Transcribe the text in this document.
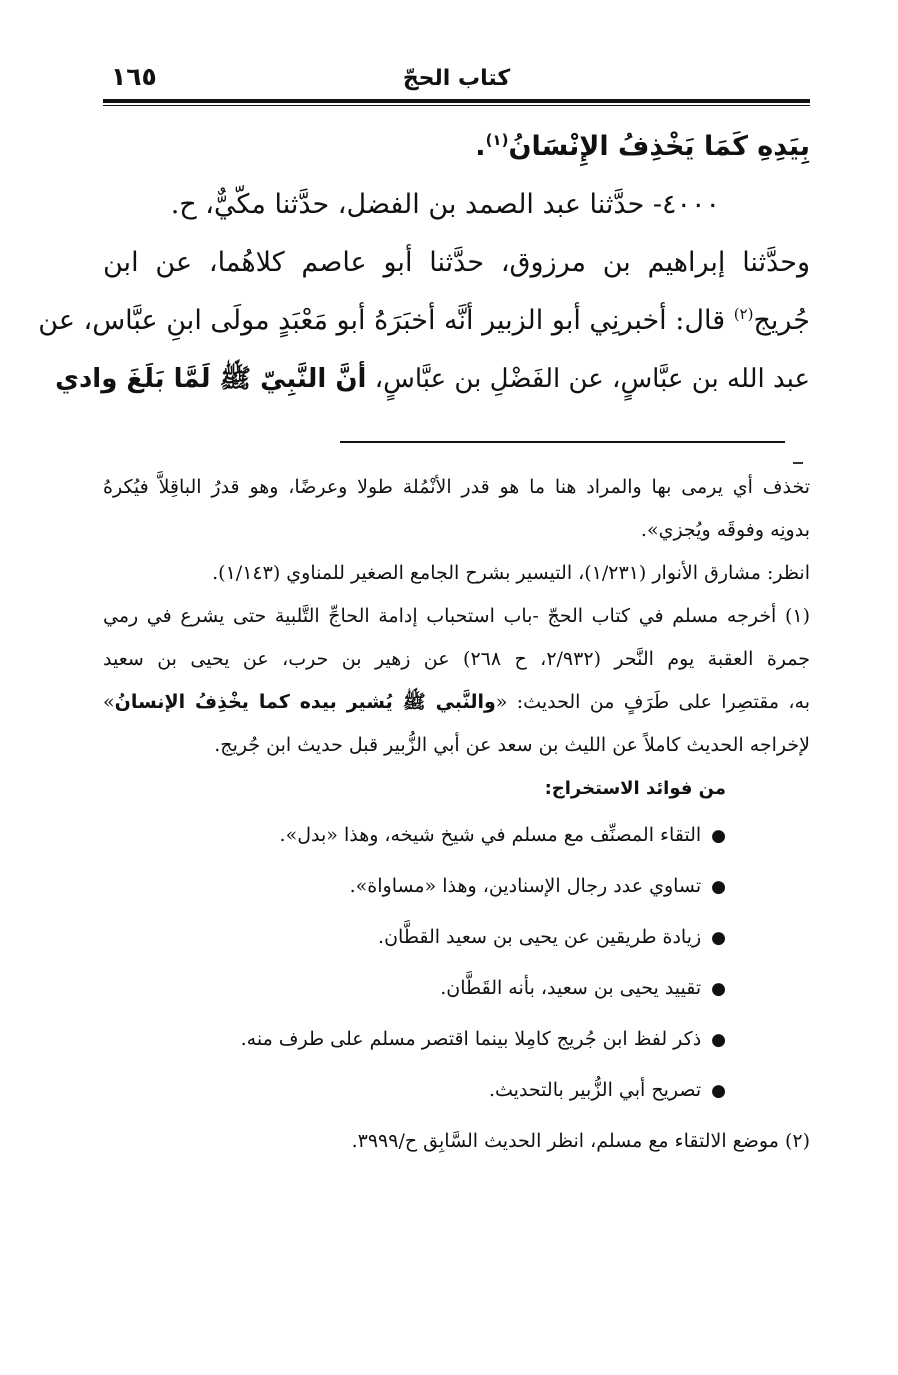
كتاب الحجّ
١٦٥
بِيَدِهِ كَمَا يَخْذِفُ الإِنْسَانُ$^{(١)}$.
٤٠٠٠- حدَّثنا عبد الصمد بن الفضل، حدَّثنا مكّيٌّ، ح.
وحدَّثنا إبراهيم بن مرزوق، حدَّثنا أبو عاصم كلاهُما، عن ابن
جُريج$^{(٢)}$ قال: أخبرنِي أبو الزبير أنَّه أخبَرَهُ أبو مَعْبَدٍ مولَى ابنِ عبَّاس، عن
عبد الله بن عبَّاسٍ، عن الفَضْلِ بن عبَّاسٍ، أنَّ النَّبِيّ ﷺ لَمَّا بَلَغَ وادي
تخذف أي يرمى بها والمراد هنا ما هو قدر الأنْمُلة طولا وعرضًا، وهو قدرُ الباقِلاَّ فيُكرهُ
بدونِه وفوقَه ويُجزي».
انظر: مشارق الأنوار (١/٢٣١)، التيسير بشرح الجامع الصغير للمناوي (١/١٤٣).
(١) أخرجه مسلم في كتاب الحجّ -باب استحباب إدامة الحاجِّ التَّلبية حتى يشرع في رمي
جمرة العقبة يوم النَّحر (٢/٩٣٢، ح ٢٦٨) عن زهير بن حرب، عن يحيى بن سعيد
به، مقتصِرا على طَرَفٍ من الحديث: «والنَّبي ﷺ يُشير بيده كما يخْذِفُ الإنسانُ»
لإخراجه الحديث كاملاً عن الليث بن سعد عن أبي الزُّبير قبل حديث ابن جُريج.
من فوائد الاستخراج:
●التقاء المصنِّف مع مسلم في شيخ شيخه، وهذا «بدل».
●تساوي عدد رجال الإسنادين، وهذا «مساواة».
●زيادة طريقين عن يحيى بن سعيد القطَّان.
●تقييد يحيى بن سعيد، بأنه القَطَّان.
●ذكر لفظ ابن جُريج كامِلا بينما اقتصر مسلم على طرف منه.
●تصريح أبي الزُّبير بالتحديث.
(٢) موضع الالتقاء مع مسلم، انظر الحديث السَّابِق ح/٣٩٩٩.
